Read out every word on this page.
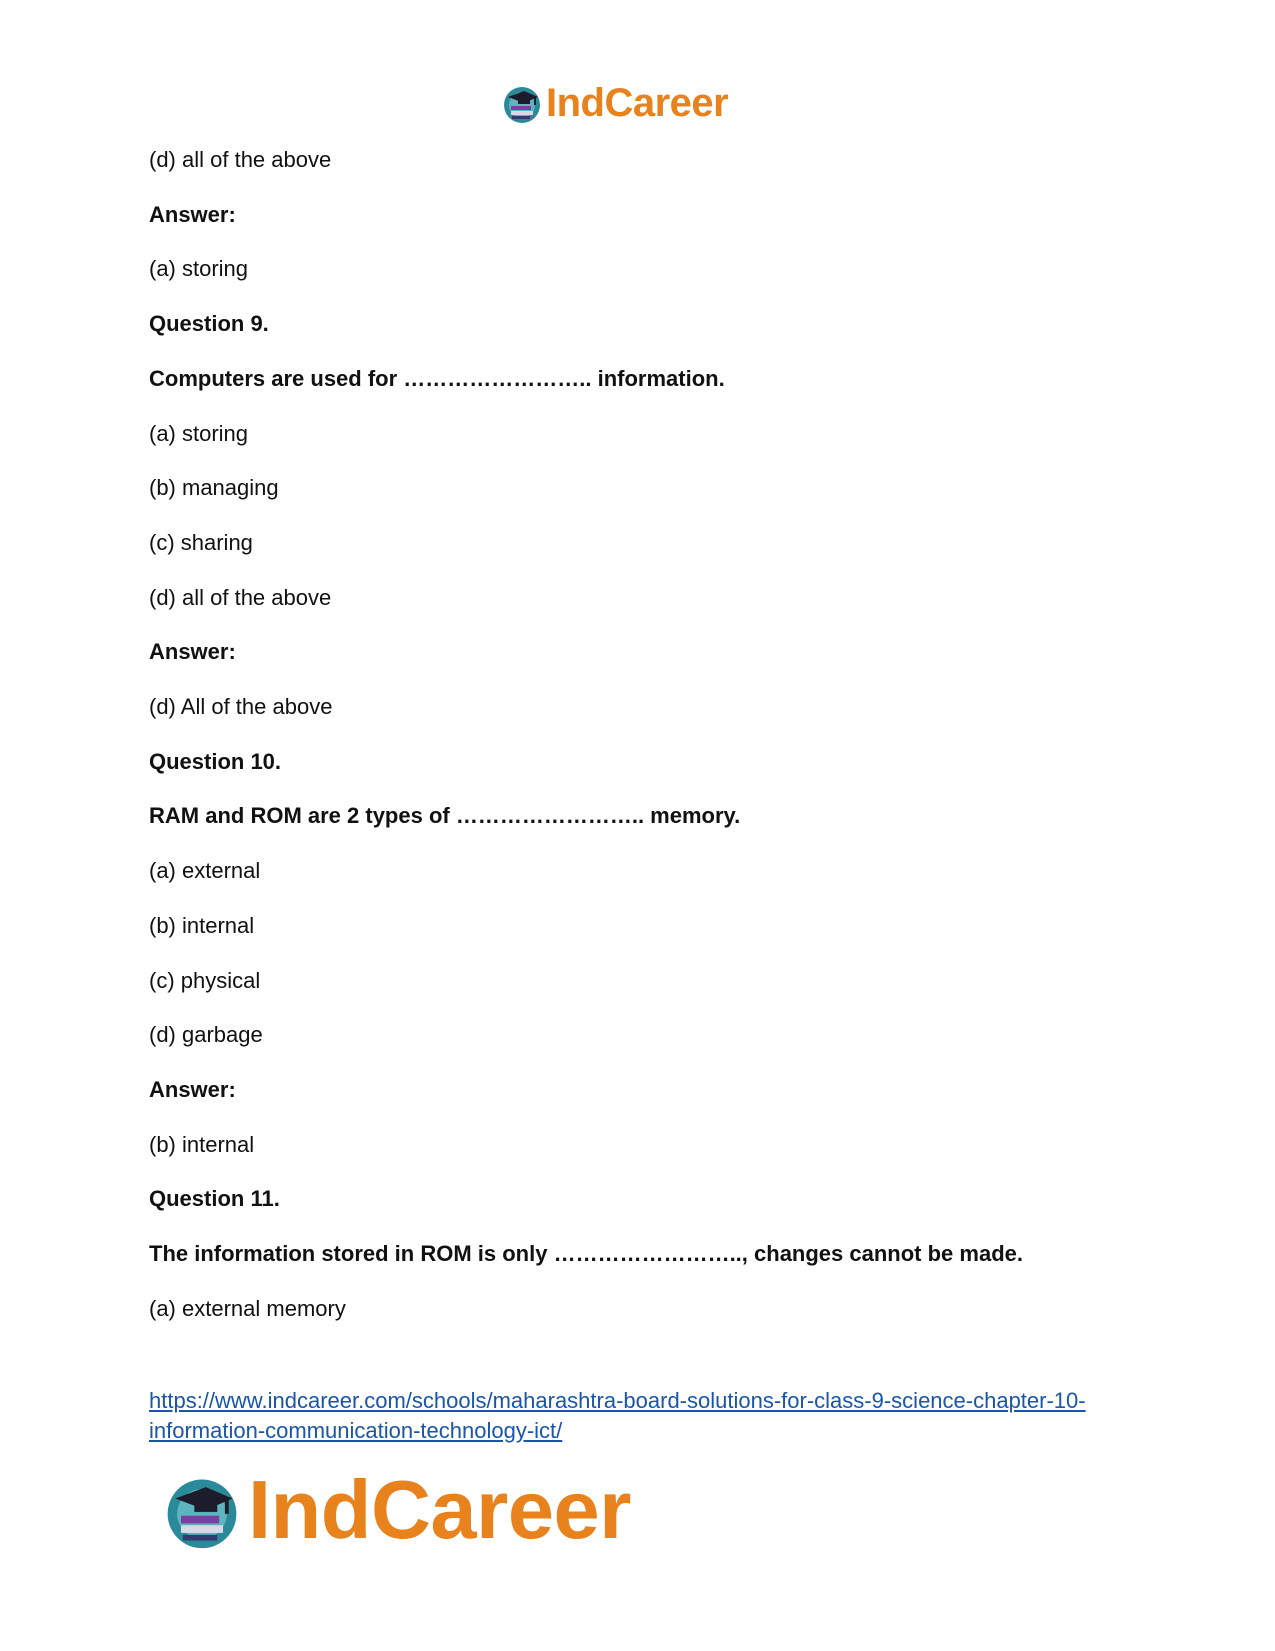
IndCareer
(d) all of the above
Answer:
(a) storing
Question 9.
Computers are used for …………………….. information.
(a) storing
(b) managing
(c) sharing
(d) all of the above
Answer:
(d) All of the above
Question 10.
RAM and ROM are 2 types of …………………….. memory.
(a) external
(b) internal
(c) physical
(d) garbage
Answer:
(b) internal
Question 11.
The information stored in ROM is only …………………….., changes cannot be made.
(a) external memory
https://www.indcareer.com/schools/maharashtra-board-solutions-for-class-9-science-chapter-10-information-communication-technology-ict/
IndCareer
